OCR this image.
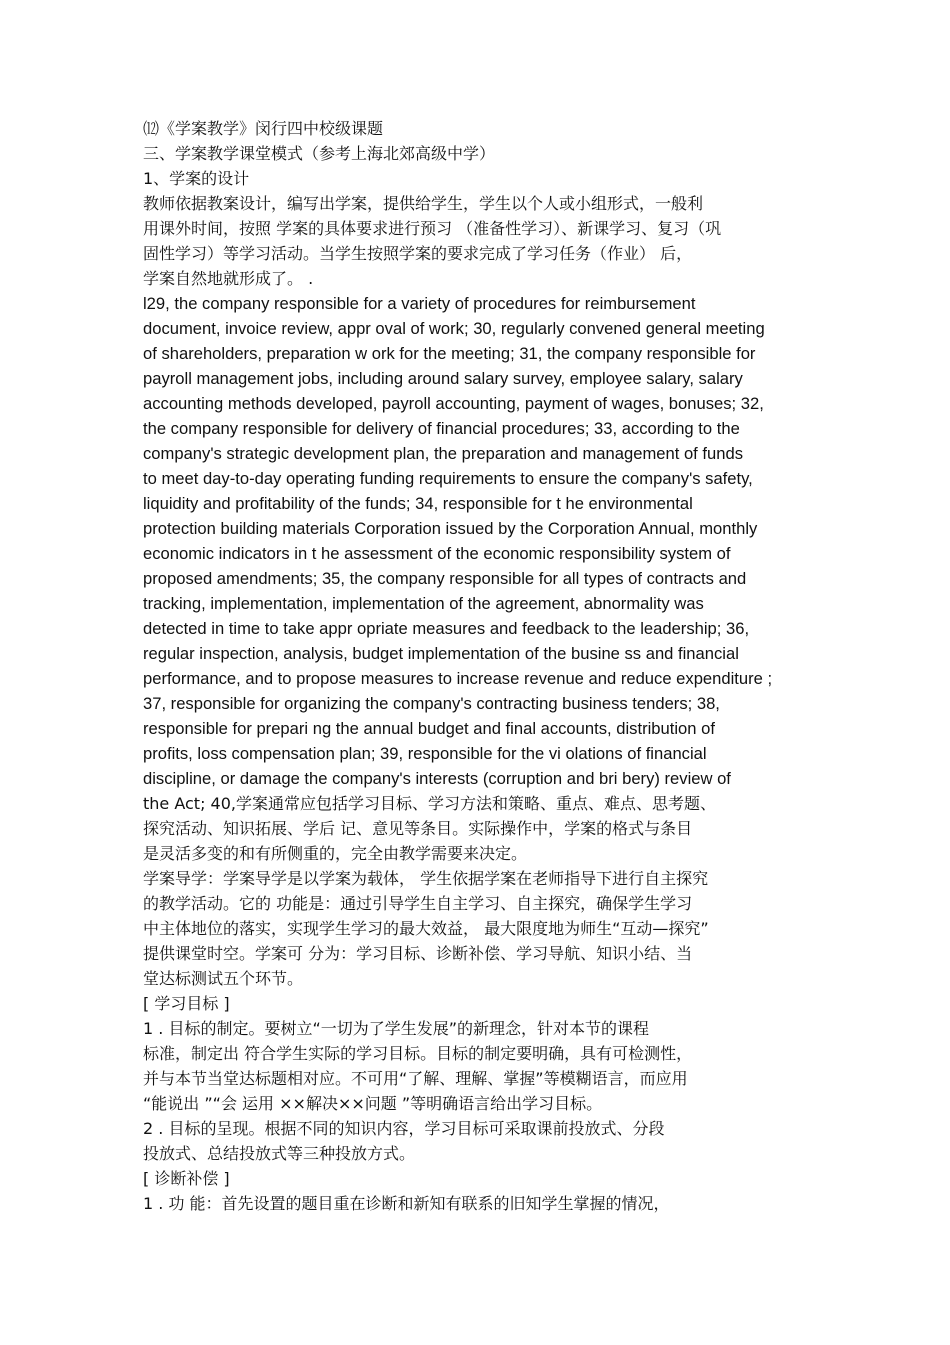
⑿《学案教学》闵行四中校级课题
三、学案教学课堂模式（参考上海北郊高级中学）
1、学案的设计
教师依据教案设计，编写出学案，提供给学生，学生以个人或小组形式，一般利
用课外时间，按照 学案的具体要求进行预习 （准备性学习）、新课学习、复习（巩
固性学习）等学习活动。当学生按照学案的要求完成了学习任务（作业） 后，
学案自然地就形成了。 .
l29, the company responsible for a variety of procedures for reimbursement
document, invoice review, appr oval of work; 30, regularly convened general meeting
of shareholders, preparation w ork for the meeting; 31, the company responsible for
payroll management jobs, including around salary survey, employee salary, salary
accounting methods developed, payroll accounting, payment of wages, bonuses; 32,
the company responsible for delivery of financial procedures; 33, according to the
company's strategic development plan, the preparation and management of funds
to meet day-to-day operating funding requirements to ensure the company's safety,
liquidity and profitability of the funds; 34, responsible for t he environmental
protection building materials Corporation issued by the Corporation Annual, monthly
economic indicators in t he assessment of the economic responsibility system of
proposed amendments; 35, the company responsible for all types of contracts and
tracking, implementation, implementation of the agreement, abnormality was
detected in time to take appr opriate measures and feedback to the leadership; 36,
regular inspection, analysis, budget implementation of the busine ss and financial
performance, and to propose measures to increase revenue and reduce expenditure ;
37, responsible for organizing the company's contracting business tenders; 38,
responsible for prepari ng the annual budget and final accounts, distribution of
profits, loss compensation plan; 39, responsible for the vi olations of financial
discipline, or damage the company's interests (corruption and bri bery) review of
the Act; 40,学案通常应包括学习目标、学习方法和策略、重点、难点、思考题、
探究活动、知识拓展、学后 记、意见等条目。实际操作中，学案的格式与条目
是灵活多变的和有所侧重的，完全由教学需要来决定。
学案导学：学案导学是以学案为载体， 学生依据学案在老师指导下进行自主探究
的教学活动。它的 功能是：通过引导学生自主学习、自主探究，确保学生学习
中主体地位的落实，实现学生学习的最大效益， 最大限度地为师生“互动—探究”
提供课堂时空。学案可 分为：学习目标、诊断补偿、学习导航、知识小结、当
堂达标测试五个环节。
[ 学习目标 ]
1 . 目标的制定。要树立“一切为了学生发展”的新理念，针对本节的课程
标准，制定出 符合学生实际的学习目标。目标的制定要明确，具有可检测性，
并与本节当堂达标题相对应。不可用“了解、理解、掌握”等模糊语言，而应用
“能说出 ”“会 运用 ××解决××问题 ”等明确语言给出学习目标。
2 . 目标的呈现。根据不同的知识内容，学习目标可采取课前投放式、分段
投放式、总结投放式等三种投放方式。
[ 诊断补偿 ]
1 . 功 能：首先设置的题目重在诊断和新知有联系的旧知学生掌握的情况，
